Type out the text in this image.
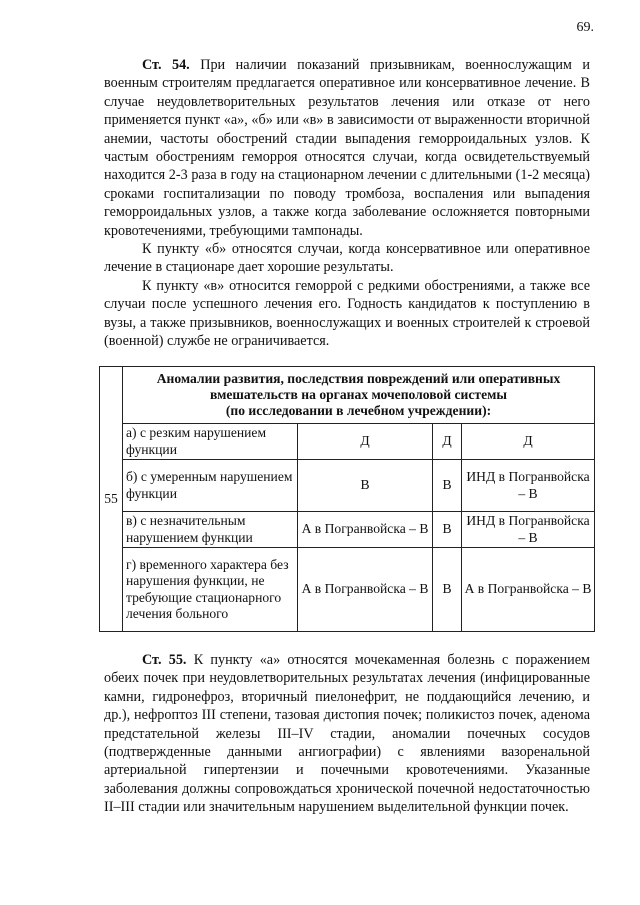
69.

Ст. 54. При наличии показаний призывникам, военнослужащим и военным строителям предлагается оперативное или консервативное лечение. В случае неудовлетворительных результатов лечения или отказе от него применяется пункт «а», «б» или «в» в зависимости от выраженности вторичной анемии, частоты обострений стадии выпадения геморроидальных узлов. К частым обострениям геморроя относятся случаи, когда освидетельствуемый находится 2-3 раза в году на стационарном лечении с длительными (1-2 месяца) сроками госпитализации по поводу тромбоза, воспаления или выпадения геморроидальных узлов, а также когда заболевание осложняется повторными кровотечениями, требующими тампонады.

К пункту «б» относятся случаи, когда консервативное или оперативное лечение в стационаре дает хорошие результаты.

К пункту «в» относится геморрой с редкими обострениями, а также все случаи после успешного лечения его. Годность кандидатов к поступлению в вузы, а также призывников, военнослужащих и военных строителей к строевой (военной) службе не ограничивается.

55	Аномалии развития, последствия повреждений или оперативных
вмешательств на органах мочеполовой системы
(по исследовании в лечебном учреждении):			
	а) с резким нарушением функции	Д	Д	Д
	б) с умеренным нарушением функции	В	В	ИНД в Погранвойска – В
	в) с незначительным нарушением функции	А в Погранвойска – В	В	ИНД в Погранвойска – В
	г) временного характера без нарушения функции, не требующие стационарного лечения больного	А в Погранвойска – В	В	А в Погранвойска – В

Ст. 55. К пункту «а» относятся мочекаменная болезнь с поражением обеих почек при неудовлетворительных результатах лечения (инфицированные камни, гидронефроз, вторичный пиелонефрит, не поддающийся лечению, и др.), нефроптоз III степени, тазовая дистопия почек; поликистоз почек, аденома предстательной железы III–IV стадии, аномалии почечных сосудов (подтвержденные данными ангиографии) с явлениями вазоренальной артериальной гипертензии и почечными кровотечениями. Указанные заболевания должны сопровождаться хронической почечной недостаточностью II–III стадии или значительным нарушением выделительной функции почек.
